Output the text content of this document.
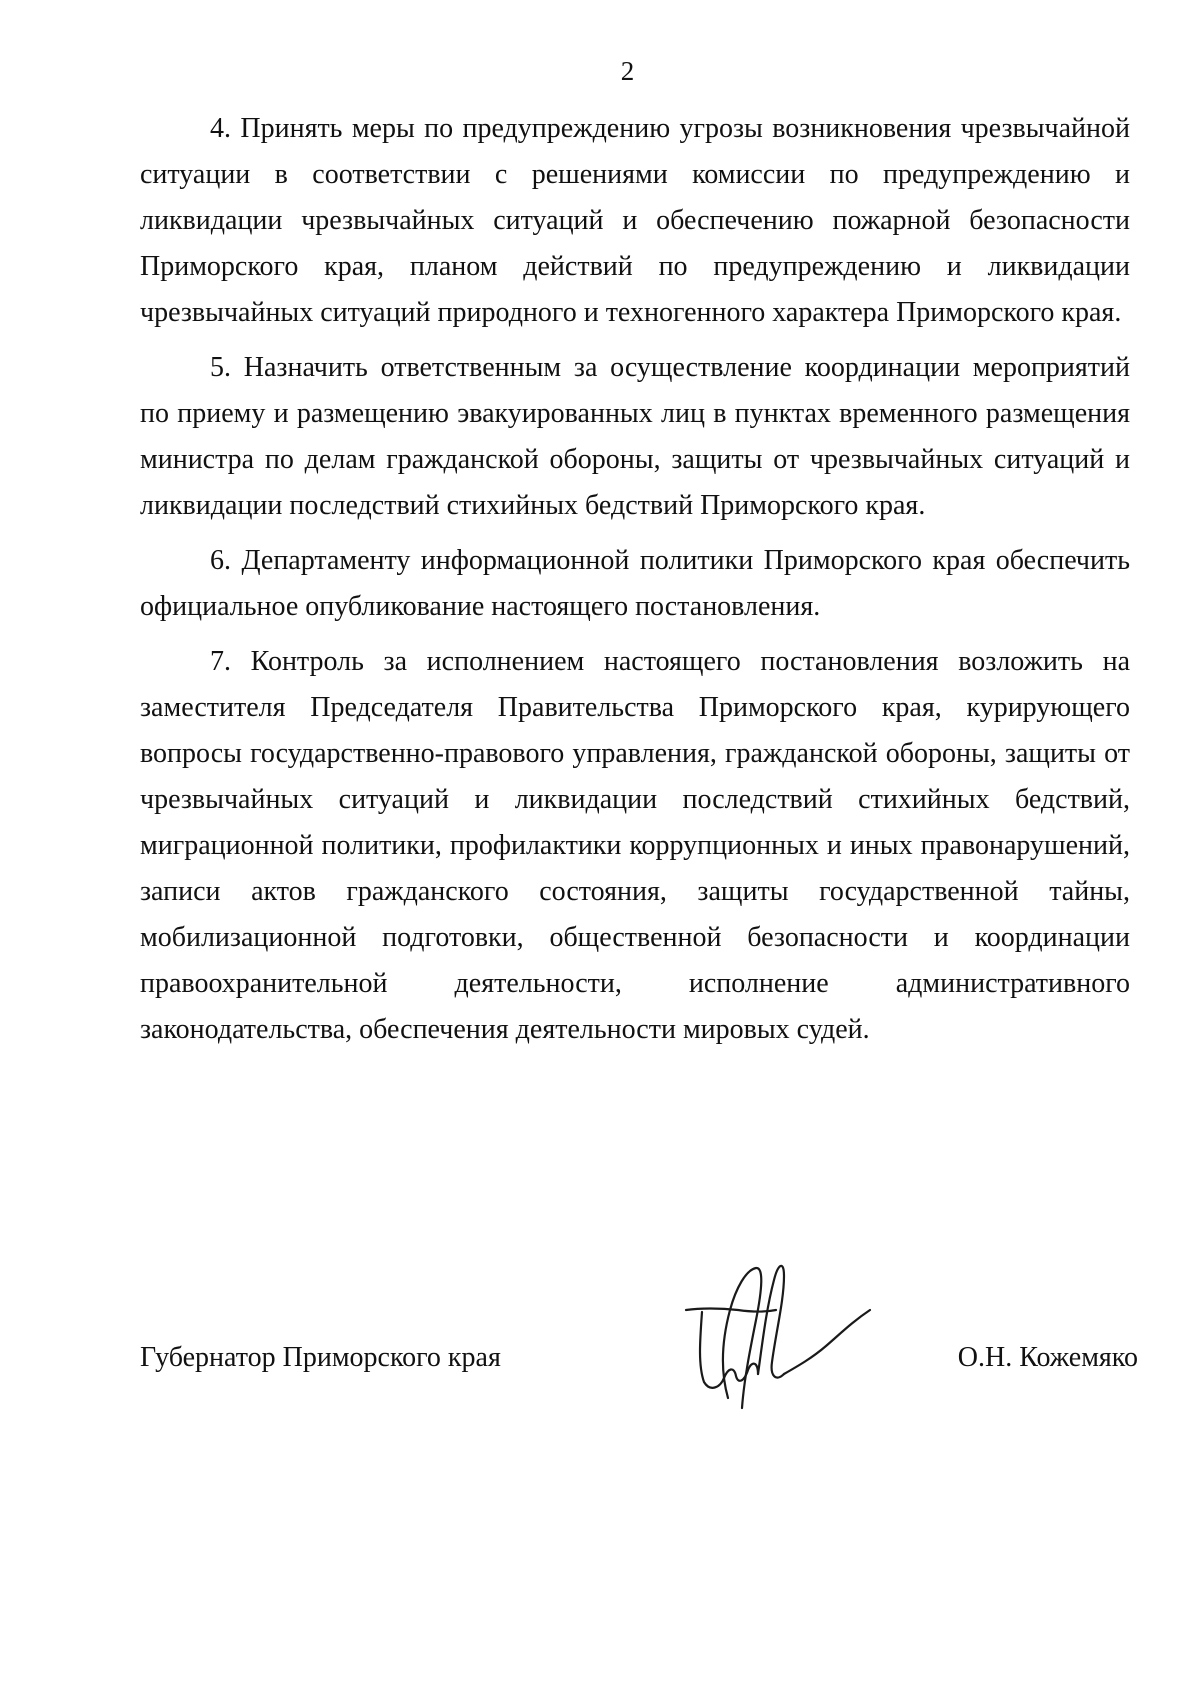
2

4. Принять меры по предупреждению угрозы возникновения чрезвычайной ситуации в соответствии с решениями комиссии по предупреждению и ликвидации чрезвычайных ситуаций и обеспечению пожарной безопасности Приморского края, планом действий по предупреждению и ликвидации чрезвычайных ситуаций природного и техногенного характера Приморского края.

5. Назначить ответственным за осуществление координации мероприятий по приему и размещению эвакуированных лиц в пунктах временного размещения министра по делам гражданской обороны, защиты от чрезвычайных ситуаций и ликвидации последствий стихийных бедствий Приморского края.

6. Департаменту информационной политики Приморского края обеспечить официальное опубликование настоящего постановления.

7. Контроль за исполнением настоящего постановления возложить на заместителя Председателя Правительства Приморского края, курирующего вопросы государственно-правового управления, гражданской обороны, защиты от чрезвычайных ситуаций и ликвидации последствий стихийных бедствий, миграционной политики, профилактики коррупционных и иных правонарушений, записи актов гражданского состояния, защиты государственной тайны, мобилизационной подготовки, общественной безопасности и координации правоохранительной деятельности, исполнение административного законодательства, обеспечения деятельности мировых судей.

Губернатор Приморского края	О.Н. Кожемяко
